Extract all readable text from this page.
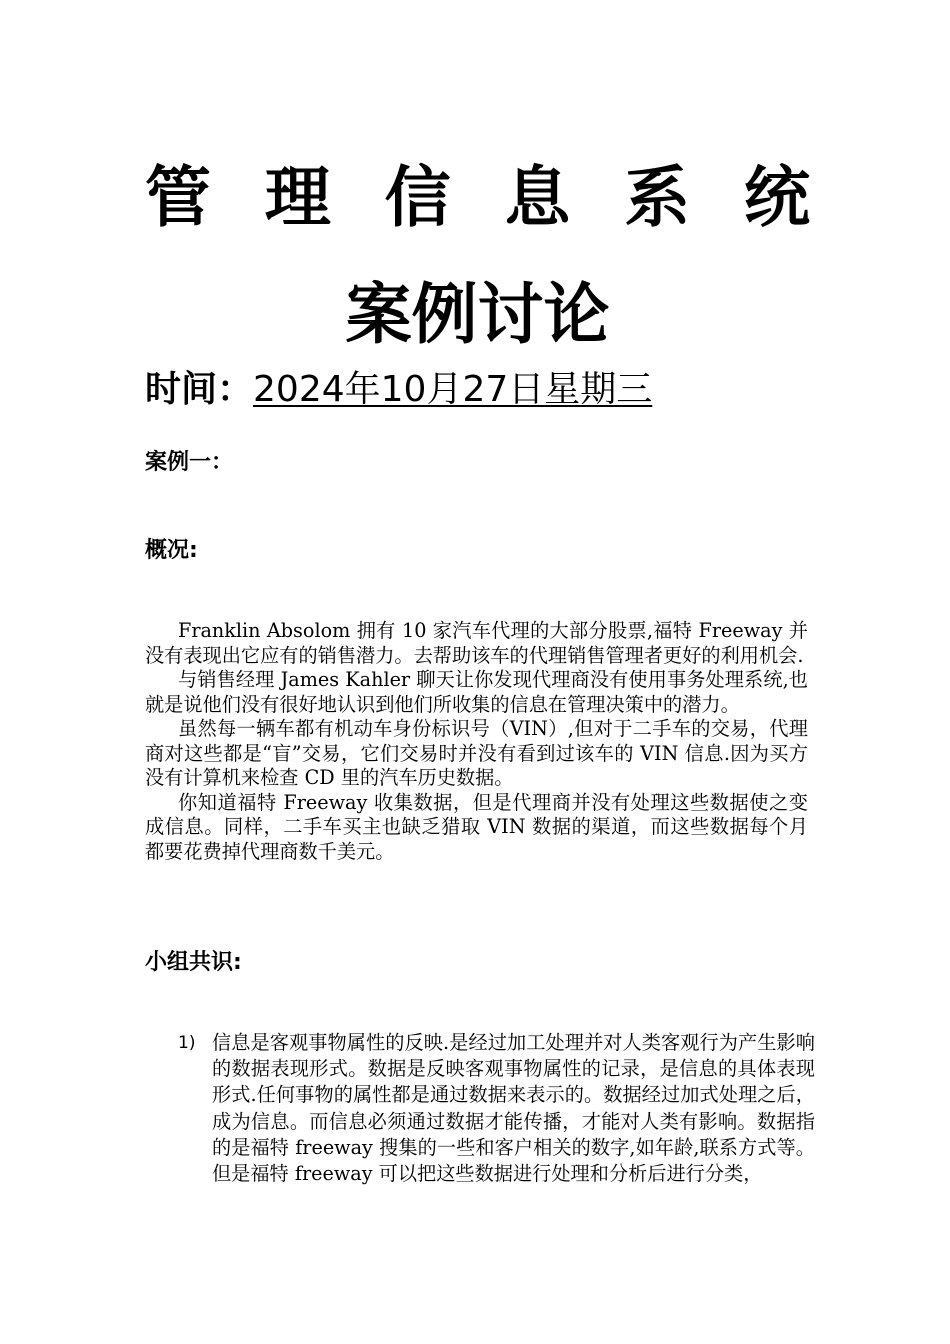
管 理 信 息 系 统
案例讨论
时间：2024年10月27日星期三
案例一：
概况:

Franklin Absolom 拥有 10 家汽车代理的大部分股票,福特 Freeway 并没有表现出它应有的销售潜力。去帮助该车的代理销售管理者更好的利用机会.

与销售经理 James Kahler 聊天让你发现代理商没有使用事务处理系统,也就是说他们没有很好地认识到他们所收集的信息在管理决策中的潜力。

虽然每一辆车都有机动车身份标识号（VIN）,但对于二手车的交易，代理商对这些都是“盲”交易，它们交易时并没有看到过该车的 VIN 信息.因为买方没有计算机来检查 CD 里的汽车历史数据。

你知道福特 Freeway 收集数据，但是代理商并没有处理这些数据使之变成信息。同样，二手车买主也缺乏猎取 VIN 数据的渠道，而这些数据每个月都要花费掉代理商数千美元。

小组共识:
1) 信息是客观事物属性的反映.是经过加工处理并对人类客观行为产生影响的数据表现形式。数据是反映客观事物属性的记录，是信息的具体表现形式.任何事物的属性都是通过数据来表示的。数据经过加式处理之后，成为信息。而信息必须通过数据才能传播，才能对人类有影响。数据指的是福特 freeway 搜集的一些和客户相关的数字,如年龄,联系方式等。但是福特 freeway 可以把这些数据进行处理和分析后进行分类，
